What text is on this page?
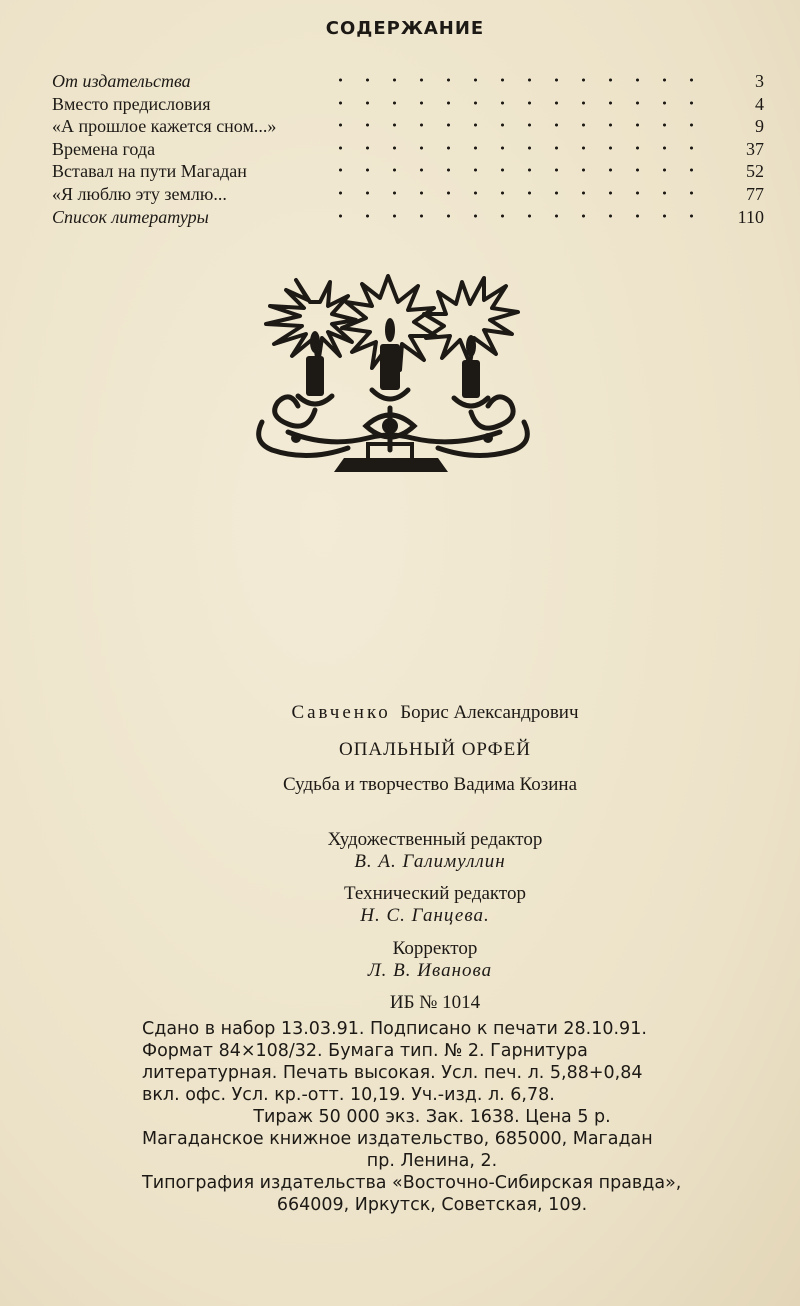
СОДЕРЖАНИЕ
От издательства	3
Вместо предисловия	4
«А прошлое кажется сном...»	9
Времена года	37
Вставал на пути Магадан	52
«Я люблю эту землю...	77
Список литературы	110
Савченко Борис Александрович
ОПАЛЬНЫЙ ОРФЕЙ
Судьба и творчество Вадима Козина
Художественный редактор
В. А. Галимуллин
Технический редактор
Н. С. Ганцева.
Корректор
Л. В. Иванова
ИБ № 1014

Сдано в набор 13.03.91. Подписано к печати 28.10.91.

Формат 84×108/32. Бумага тип. № 2. Гарнитура

литературная. Печать высокая. Усл. печ. л. 5,88+0,84

вкл. офс. Усл. кр.-отт. 10,19. Уч.-изд. л. 6,78.

Тираж 50 000 экз. Зак. 1638. Цена 5 р.

Магаданское книжное издательство, 685000, Магадан

пр. Ленина, 2.

Типография издательства «Восточно-Сибирская правда»,

664009, Иркутск, Советская, 109.
